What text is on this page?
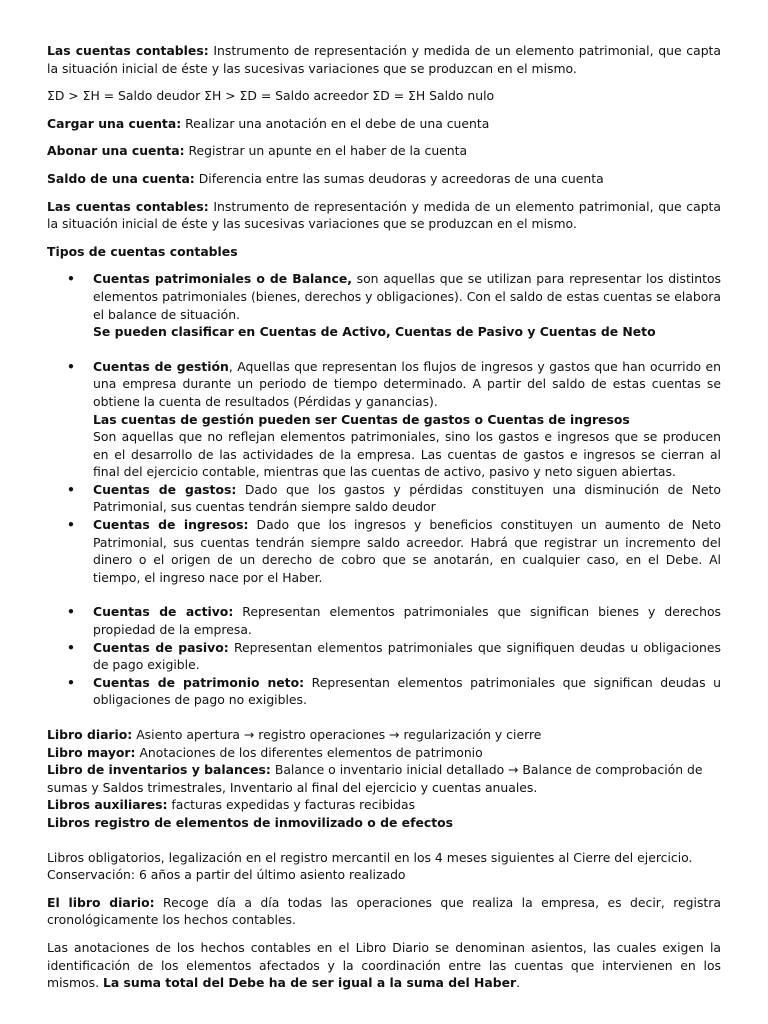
Las cuentas contables: Instrumento de representación y medida de un elemento patrimonial, que capta la situación inicial de éste y las sucesivas variaciones que se produzcan en el mismo.

ΣD > ΣH = Saldo deudor ΣH > ΣD = Saldo acreedor ΣD = ΣH Saldo nulo

Cargar una cuenta: Realizar una anotación en el debe de una cuenta

Abonar una cuenta: Registrar un apunte en el haber de la cuenta

Saldo de una cuenta: Diferencia entre las sumas deudoras y acreedoras de una cuenta

Las cuentas contables: Instrumento de representación y medida de un elemento patrimonial, que capta la situación inicial de éste y las sucesivas variaciones que se produzcan en el mismo.

Tipos de cuentas contables

• Cuentas patrimoniales o de Balance, son aquellas que se utilizan para representar los distintos elementos patrimoniales (bienes, derechos y obligaciones). Con el saldo de estas cuentas se elabora el balance de situación.
Se pueden clasificar en Cuentas de Activo, Cuentas de Pasivo y Cuentas de Neto
• Cuentas de gestión, Aquellas que representan los flujos de ingresos y gastos que han ocurrido en una empresa durante un periodo de tiempo determinado. A partir del saldo de estas cuentas se obtiene la cuenta de resultados (Pérdidas y ganancias).
Las cuentas de gestión pueden ser Cuentas de gastos o Cuentas de ingresos
Son aquellas que no reflejan elementos patrimoniales, sino los gastos e ingresos que se producen en el desarrollo de las actividades de la empresa. Las cuentas de gastos e ingresos se cierran al final del ejercicio contable, mientras que las cuentas de activo, pasivo y neto siguen abiertas.
• Cuentas de gastos: Dado que los gastos y pérdidas constituyen una disminución de Neto Patrimonial, sus cuentas tendrán siempre saldo deudor
• Cuentas de ingresos: Dado que los ingresos y beneficios constituyen un aumento de Neto Patrimonial, sus cuentas tendrán siempre saldo acreedor. Habrá que registrar un incremento del dinero o el origen de un derecho de cobro que se anotarán, en cualquier caso, en el Debe. Al tiempo, el ingreso nace por el Haber.
• Cuentas de activo: Representan elementos patrimoniales que significan bienes y derechos propiedad de la empresa.
• Cuentas de pasivo: Representan elementos patrimoniales que signifiquen deudas u obligaciones de pago exigible.
• Cuentas de patrimonio neto: Representan elementos patrimoniales que significan deudas u obligaciones de pago no exigibles.

Libro diario: Asiento apertura → registro operaciones → regularización y cierre

Libro mayor: Anotaciones de los diferentes elementos de patrimonio

Libro de inventarios y balances: Balance o inventario inicial detallado → Balance de comprobación de sumas y Saldos trimestrales, Inventario al final del ejercicio y cuentas anuales.

Libros auxiliares: facturas expedidas y facturas recibidas

Libros registro de elementos de inmovilizado o de efectos

Libros obligatorios, legalización en el registro mercantil en los 4 meses siguientes al Cierre del ejercicio.

Conservación: 6 años a partir del último asiento realizado

El libro diario: Recoge día a día todas las operaciones que realiza la empresa, es decir, registra cronológicamente los hechos contables.

Las anotaciones de los hechos contables en el Libro Diario se denominan asientos, las cuales exigen la identificación de los elementos afectados y la coordinación entre las cuentas que intervienen en los mismos. La suma total del Debe ha de ser igual a la suma del Haber.
